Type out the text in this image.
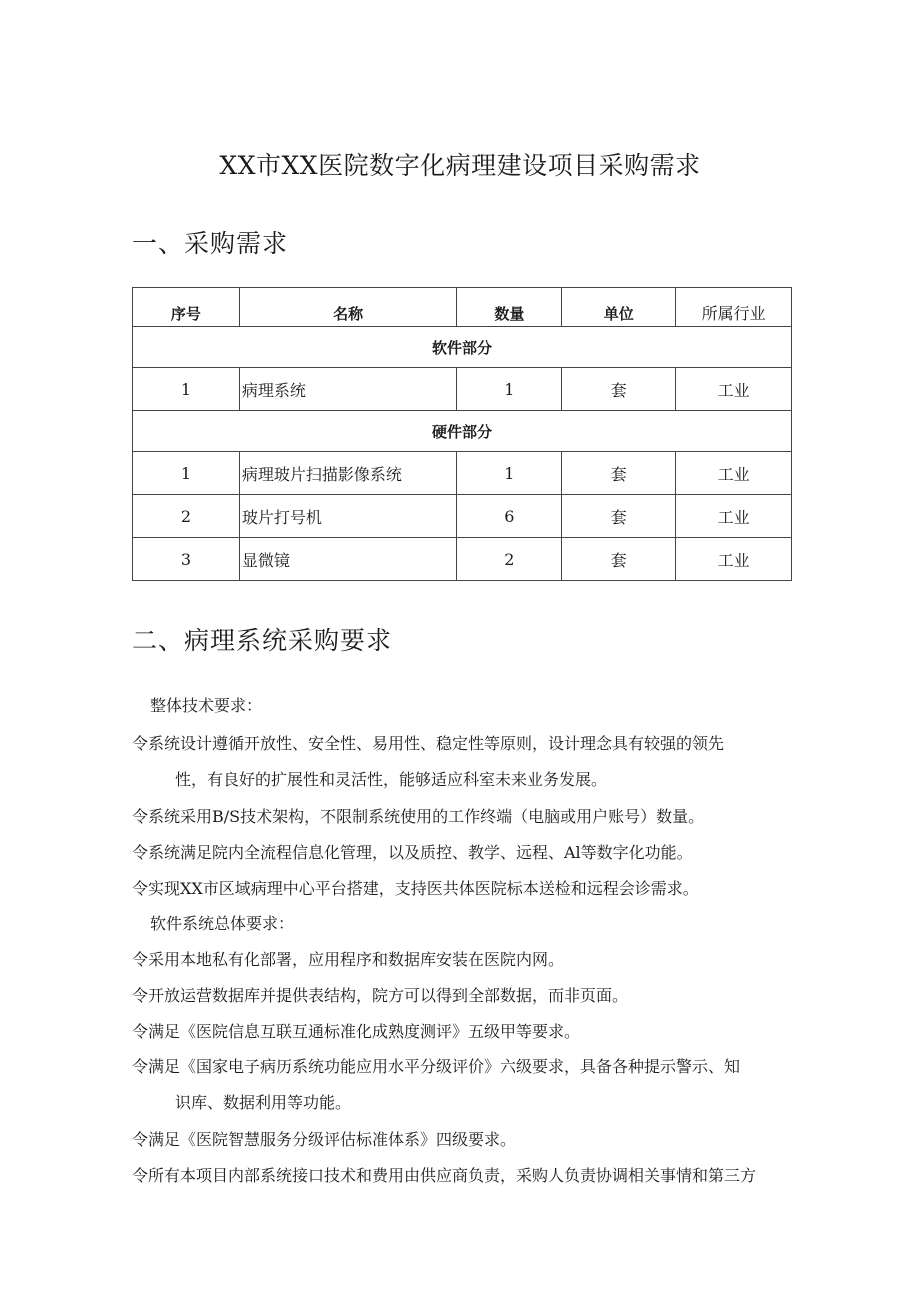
XX市XX医院数字化病理建设项目采购需求
一、采购需求
序号	名称	数量	单位	所属行业
软件部分				
1	病理系统	1	套	工业
硬件部分				
1	病理玻片扫描影像系统	1	套	工业
2	玻片打号机	6	套	工业
3	显微镜	2	套	工业
二、病理系统采购要求
整体技术要求：
令系统设计遵循开放性、安全性、易用性、稳定性等原则，设计理念具有较强的领先
性，有良好的扩展性和灵活性，能够适应科室未来业务发展。
令系统采用B/S技术架构，不限制系统使用的工作终端（电脑或用户账号）数量。
令系统满足院内全流程信息化管理，以及质控、教学、远程、Al等数字化功能。
令实现XX市区域病理中心平台搭建，支持医共体医院标本送检和远程会诊需求。
软件系统总体要求：
令采用本地私有化部署，应用程序和数据库安装在医院内网。
令开放运营数据库并提供表结构，院方可以得到全部数据，而非页面。
令满足《医院信息互联互通标准化成熟度测评》五级甲等要求。
令满足《国家电子病历系统功能应用水平分级评价》六级要求，具备各种提示警示、知
识库、数据利用等功能。
令满足《医院智慧服务分级评估标准体系》四级要求。
令所有本项目内部系统接口技术和费用由供应商负责，采购人负责协调相关事情和第三方
